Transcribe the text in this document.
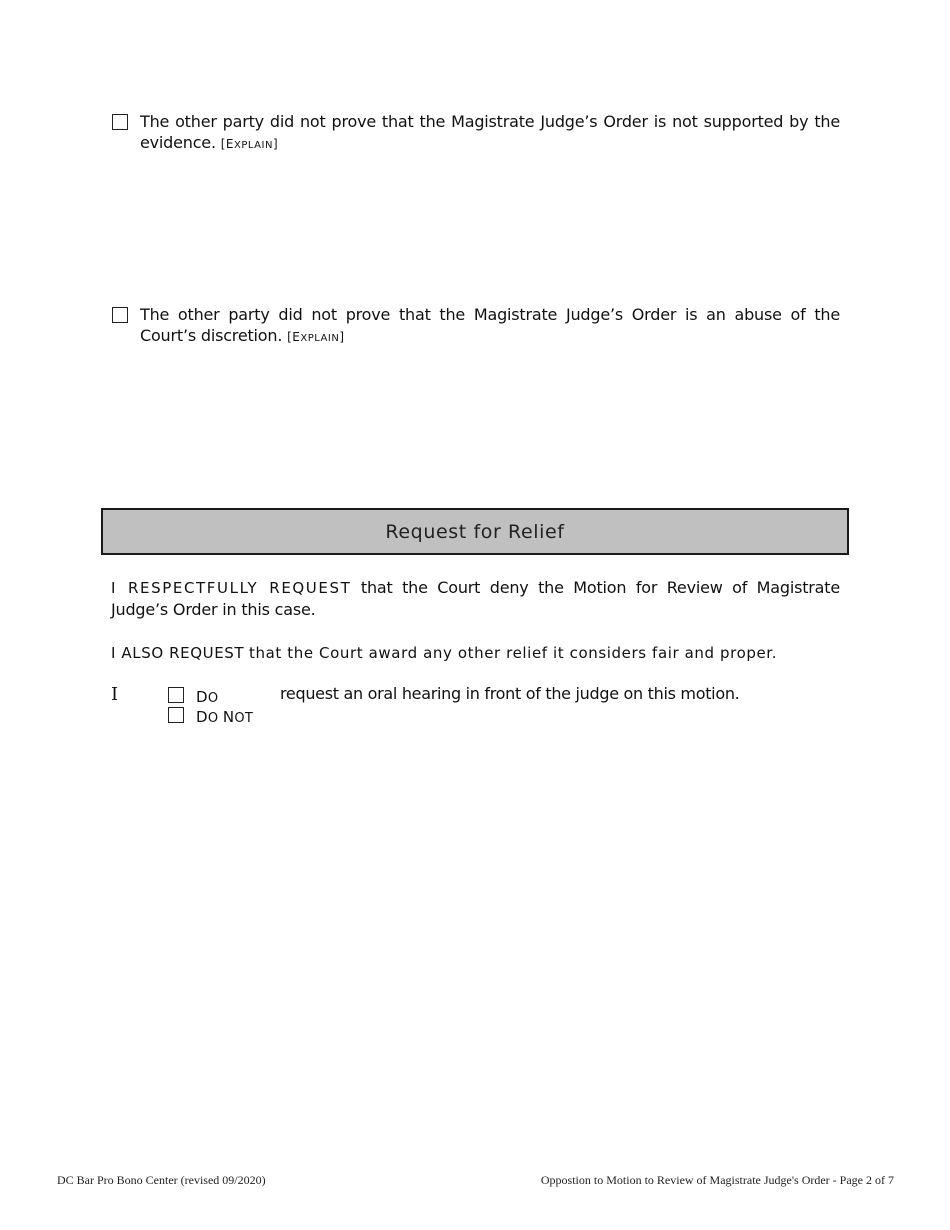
The other party did not prove that the Magistrate Judge’s Order is not supported by the evidence. [EXPLAIN]
The other party did not prove that the Magistrate Judge’s Order is an abuse of the Court’s discretion. [EXPLAIN]
Request for Relief
I RESPECTFULLY REQUEST that the Court deny the Motion for Review of Magistrate Judge’s Order in this case.
I ALSO REQUEST that the Court award any other relief it considers fair and proper.
I	DO
DO NOT
request an oral hearing in front of the judge on this motion.
DC Bar Pro Bono Center (revised 09/2020)	Oppostion to Motion to Review of Magistrate Judge's Order - Page 2 of 7
